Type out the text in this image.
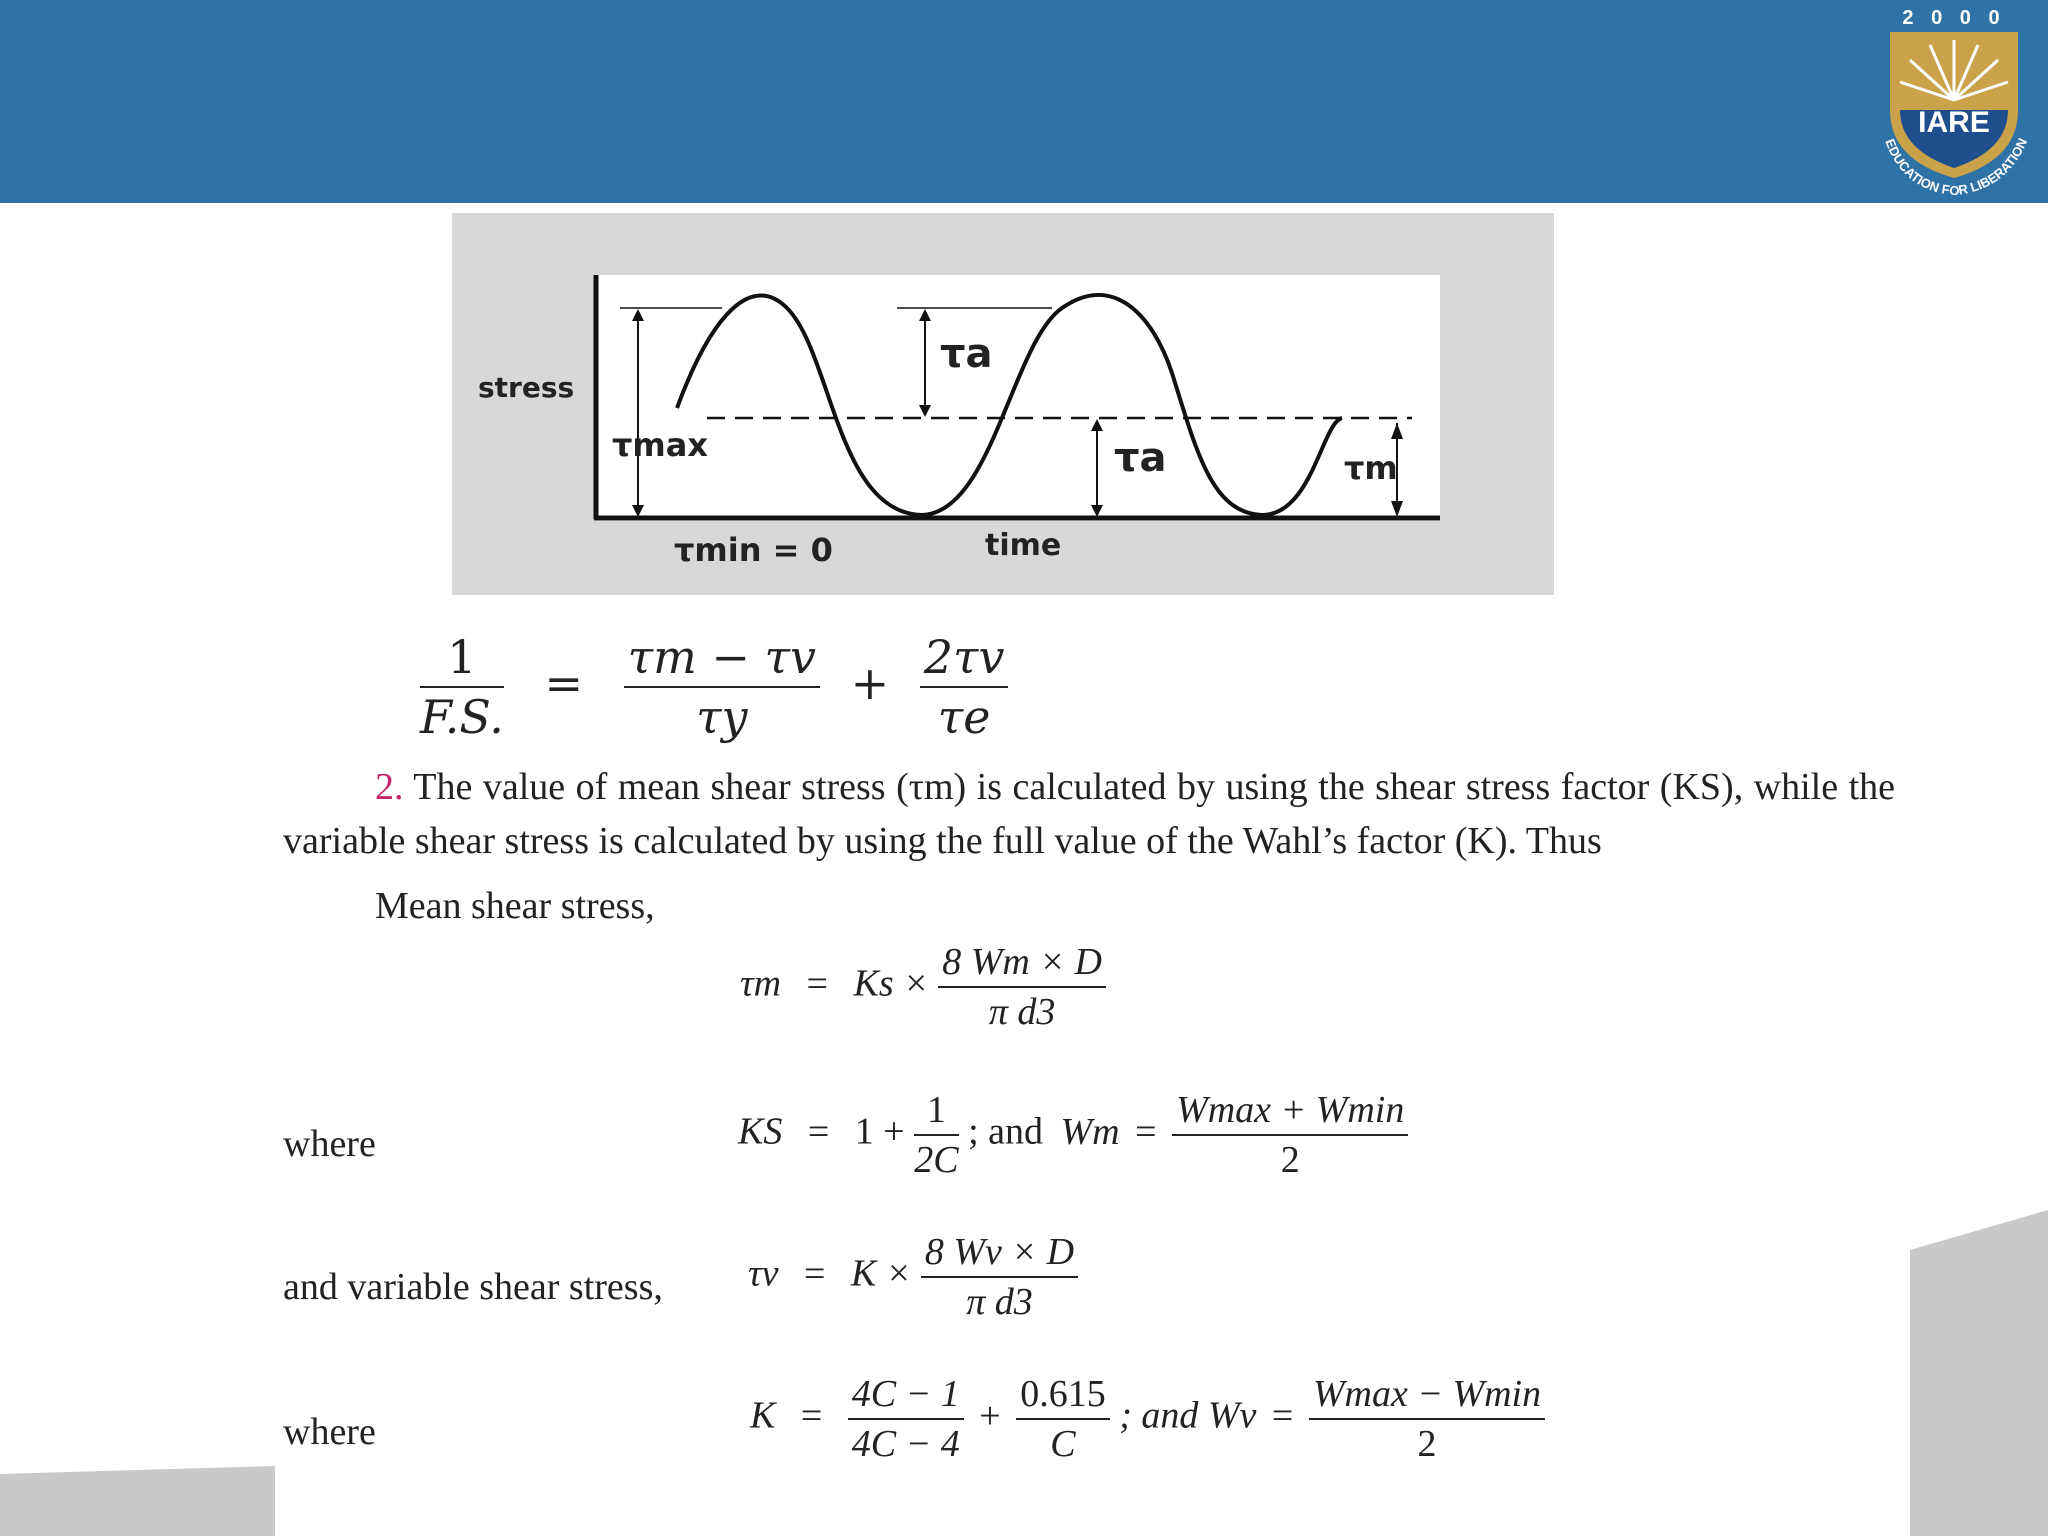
2 0 0 0
IARE
EDUCATION FOR LIBERATION
stress
τmax
τa
τa	τm
τmin = 0	time
$\frac{1}{F.S.} = \frac{\tau m - \tau v}{\tau y} + \frac{2\tau v}{\tau e}$
2. The value of mean shear stress (τm) is calculated by using the shear stress factor (KS), while the variable shear stress is calculated by using the full value of the Wahl’s factor (K). Thus
Mean shear stress,
$\tau m = Ks \times \frac{8 Wm \times D}{\text{π d3}}$
where	KS = $1 + \frac{1}{2C}$ ; and $Wm = \frac{Wmax + Wmin}{2}$
and variable shear stress, $\tau v = K \times \frac{8 Wv \times D}{\text{π d3}}$
where	$K = \frac{4C - 1}{4C - 4} + \frac{0.615}{C}$ ; and $Wv = \frac{Wmax - Wmin}{2}$
